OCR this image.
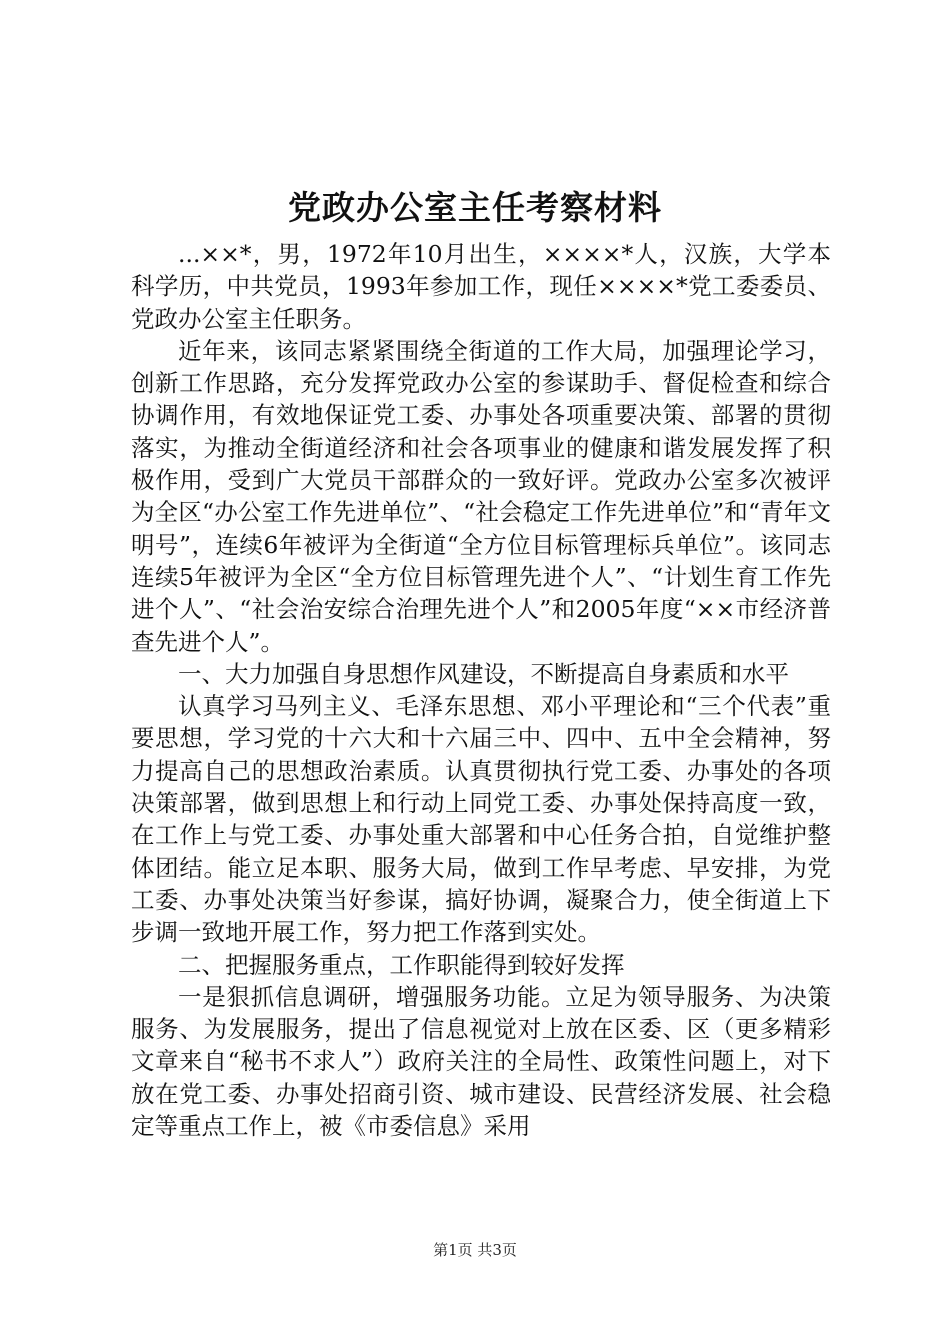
党政办公室主任考察材料

...××*，男，1972年10月出生，××××*人，汉族，大学本科学历，中共党员，1993年参加工作，现任××××*党工委委员、党政办公室主任职务。

近年来，该同志紧紧围绕全街道的工作大局，加强理论学习，创新工作思路，充分发挥党政办公室的参谋助手、督促检查和综合协调作用，有效地保证党工委、办事处各项重要决策、部署的贯彻落实，为推动全街道经济和社会各项事业的健康和谐发展发挥了积极作用，受到广大党员干部群众的一致好评。党政办公室多次被评为全区“办公室工作先进单位”、“社会稳定工作先进单位”和“青年文明号”，连续6年被评为全街道“全方位目标管理标兵单位”。该同志连续5年被评为全区“全方位目标管理先进个人”、“计划生育工作先进个人”、“社会治安综合治理先进个人”和2005年度“××市经济普查先进个人”。

一、大力加强自身思想作风建设，不断提高自身素质和水平

认真学习马列主义、毛泽东思想、邓小平理论和“三个代表”重要思想，学习党的十六大和十六届三中、四中、五中全会精神，努力提高自己的思想政治素质。认真贯彻执行党工委、办事处的各项决策部署，做到思想上和行动上同党工委、办事处保持高度一致，在工作上与党工委、办事处重大部署和中心任务合拍，自觉维护整体团结。能立足本职、服务大局，做到工作早考虑、早安排，为党工委、办事处决策当好参谋，搞好协调，凝聚合力，使全街道上下步调一致地开展工作，努力把工作落到实处。

二、把握服务重点，工作职能得到较好发挥

一是狠抓信息调研，增强服务功能。立足为领导服务、为决策服务、为发展服务，提出了信息视觉对上放在区委、区（更多精彩文章来自“秘书不求人”）政府关注的全局性、政策性问题上，对下放在党工委、办事处招商引资、城市建设、民营经济发展、社会稳定等重点工作上，被《市委信息》采用

第1页 共3页
